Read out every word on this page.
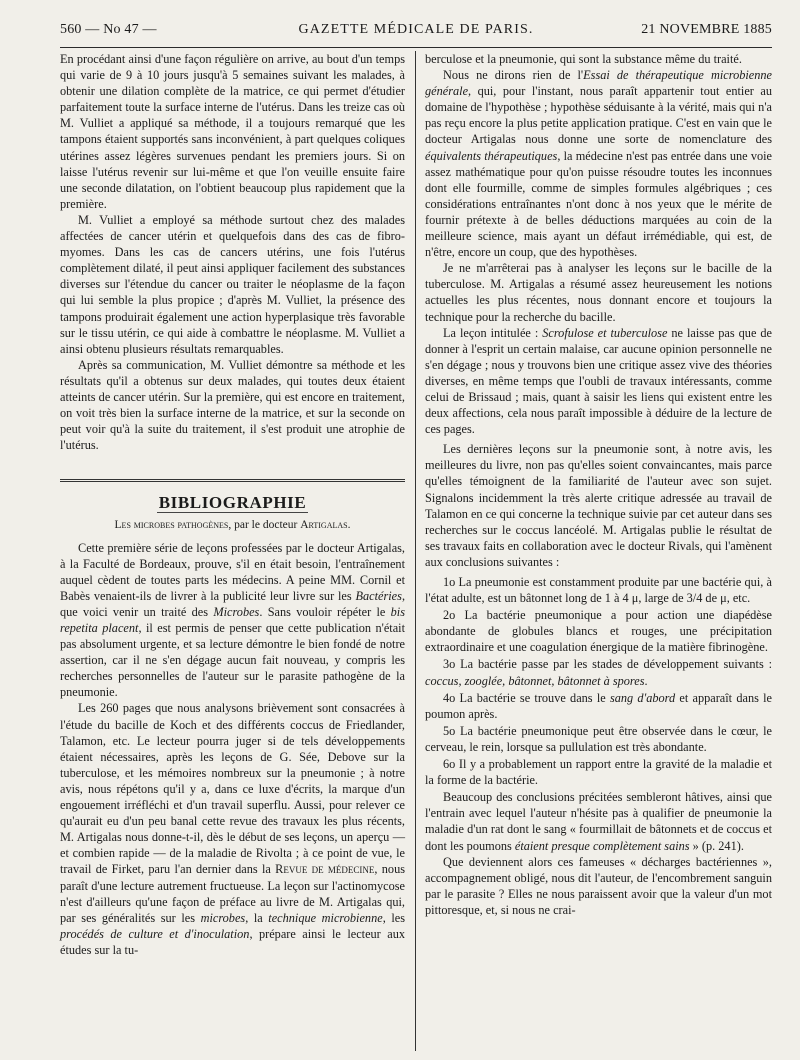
560 — No 47 —	GAZETTE MÉDICALE DE PARIS.	21 NOVEMBRE 1885

En procédant ainsi d'une façon régulière on arrive, au bout d'un temps qui varie de 9 à 10 jours jusqu'à 5 semaines suivant les malades, à obtenir une dilation complète de la matrice, ce qui permet d'étudier parfaitement toute la surface interne de l'utérus. Dans les treize cas où M. Vulliet a appliqué sa méthode, il a toujours remarqué que les tampons étaient supportés sans inconvénient, à part quelques coliques utérines assez légères survenues pendant les premiers jours. Si on laisse l'utérus revenir sur lui-même et que l'on veuille ensuite faire une seconde dilatation, on l'obtient beaucoup plus rapidement que la première.

M. Vulliet a employé sa méthode surtout chez des malades affectées de cancer utérin et quelquefois dans des cas de fibro-myomes. Dans les cas de cancers utérins, une fois l'utérus complètement dilaté, il peut ainsi appliquer facilement des substances diverses sur l'étendue du cancer ou traiter le néoplasme de la façon qui lui semble la plus propice ; d'après M. Vulliet, la présence des tampons produirait également une action hyperplasique très favorable sur le tissu utérin, ce qui aide à combattre le néoplasme. M. Vulliet a ainsi obtenu plusieurs résultats remarquables.

Après sa communication, M. Vulliet démontre sa méthode et les résultats qu'il a obtenus sur deux malades, qui toutes deux étaient atteints de cancer utérin. Sur la première, qui est encore en traitement, on voit très bien la surface interne de la matrice, et sur la seconde on peut voir qu'à la suite du traitement, il s'est produit une atrophie de l'utérus.

BIBLIOGRAPHIE

Les microbes pathogènes, par le docteur Artigalas.

Cette première série de leçons professées par le docteur Artigalas, à la Faculté de Bordeaux, prouve, s'il en était besoin, l'entraînement auquel cèdent de toutes parts les médecins. A peine MM. Cornil et Babès venaient-ils de livrer à la publicité leur livre sur les Bactéries, que voici venir un traité des Microbes. Sans vouloir répéter le bis repetita placent, il est permis de penser que cette publication n'était pas absolument urgente, et sa lecture démontre le bien fondé de notre assertion, car il ne s'en dégage aucun fait nouveau, y compris les recherches personnelles de l'auteur sur le parasite pathogène de la pneumonie.

Les 260 pages que nous analysons brièvement sont consacrées à l'étude du bacille de Koch et des différents coccus de Friedlander, Talamon, etc. Le lecteur pourra juger si de tels développements étaient nécessaires, après les leçons de G. Sée, Debove sur la tuberculose, et les mémoires nombreux sur la pneumonie ; à notre avis, nous répétons qu'il y a, dans ce luxe d'écrits, la marque d'un engouement irréfléchi et d'un travail superflu. Aussi, pour relever ce qu'aurait eu d'un peu banal cette revue des travaux les plus récents, M. Artigalas nous donne-t-il, dès le début de ses leçons, un aperçu — et combien rapide — de la maladie de Rivolta ; à ce point de vue, le travail de Firket, paru l'an dernier dans la Revue de médecine, nous paraît d'une lecture autrement fructueuse. La leçon sur l'actinomycose n'est d'ailleurs qu'une façon de préface au livre de M. Artigalas qui, par ses généralités sur les microbes, la technique microbienne, les procédés de culture et d'inoculation, prépare ainsi le lecteur aux études sur la tu-

berculose et la pneumonie, qui sont la substance même du traité.

Nous ne dirons rien de l'Essai de thérapeutique microbienne générale, qui, pour l'instant, nous paraît appartenir tout entier au domaine de l'hypothèse ; hypothèse séduisante à la vérité, mais qui n'a pas reçu encore la plus petite application pratique. C'est en vain que le docteur Artigalas nous donne une sorte de nomenclature des équivalents thérapeutiques, la médecine n'est pas entrée dans une voie assez mathématique pour qu'on puisse résoudre toutes les inconnues dont elle fourmille, comme de simples formules algébriques ; ces considérations entraînantes n'ont donc à nos yeux que le mérite de fournir prétexte à de belles déductions marquées au coin de la meilleure science, mais ayant un défaut irrémédiable, qui est, de n'être, encore un coup, que des hypothèses.

Je ne m'arrêterai pas à analyser les leçons sur le bacille de la tuberculose. M. Artigalas a résumé assez heureusement les notions actuelles les plus récentes, nous donnant encore et toujours la technique pour la recherche du bacille.

La leçon intitulée : Scrofulose et tuberculose ne laisse pas que de donner à l'esprit un certain malaise, car aucune opinion personnelle ne s'en dégage ; nous y trouvons bien une critique assez vive des théories diverses, en même temps que l'oubli de travaux intéressants, comme celui de Brissaud ; mais, quant à saisir les liens qui existent entre les deux affections, cela nous paraît impossible à déduire de la lecture de ces pages.

Les dernières leçons sur la pneumonie sont, à notre avis, les meilleures du livre, non pas qu'elles soient convaincantes, mais parce qu'elles témoignent de la familiarité de l'auteur avec son sujet. Signalons incidemment la très alerte critique adressée au travail de Talamon en ce qui concerne la technique suivie par cet auteur dans ses recherches sur le coccus lancéolé. M. Artigalas publie le résultat de ses travaux faits en collaboration avec le docteur Rivals, qui l'amènent aux conclusions suivantes :

1o La pneumonie est constamment produite par une bactérie qui, à l'état adulte, est un bâtonnet long de 1 à 4 μ, large de 3/4 de μ, etc.

2o La bactérie pneumonique a pour action une diapédèse abondante de globules blancs et rouges, une précipitation extraordinaire et une coagulation énergique de la matière fibrinogène.

3o La bactérie passe par les stades de développement suivants : coccus, zooglée, bâtonnet, bâtonnet à spores.

4o La bactérie se trouve dans le sang d'abord et apparaît dans le poumon après.

5o La bactérie pneumonique peut être observée dans le cœur, le cerveau, le rein, lorsque sa pullulation est très abondante.

6o Il y a probablement un rapport entre la gravité de la maladie et la forme de la bactérie.

Beaucoup des conclusions précitées sembleront hâtives, ainsi que l'entrain avec lequel l'auteur n'hésite pas à qualifier de pneumonie la maladie d'un rat dont le sang « fourmillait de bâtonnets et de coccus et dont les poumons étaient presque complètement sains » (p. 241).

Que deviennent alors ces fameuses « décharges bactériennes », accompagnement obligé, nous dit l'auteur, de l'encombrement sanguin par le parasite ? Elles ne nous paraissent avoir que la valeur d'un mot pittoresque, et, si nous ne crai-
